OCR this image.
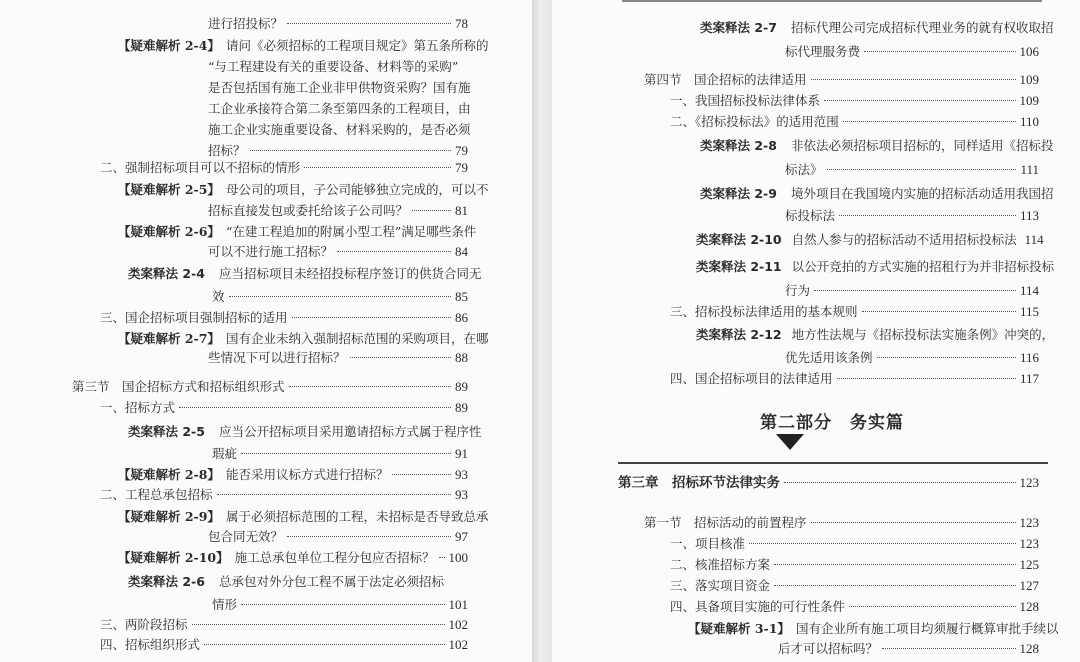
进行招投标？	78
【疑难解析 2-4】 请问《必须招标的工程项目规定》第五条所称的
“与工程建设有关的重要设备、材料等的采购”
是否包括国有施工企业非甲供物资采购？国有施
工企业承接符合第二条至第四条的工程项目，由
施工企业实施重要设备、材料采购的，是否必须
招标？	79
二、强制招标项目可以不招标的情形	79
【疑难解析 2-5】 母公司的项目，子公司能够独立完成的，可以不
招标直接发包或委托给该子公司吗？	81
【疑难解析 2-6】 “在建工程追加的附属小型工程”满足哪些条件
可以不进行施工招标？	84
类案释法 2-4 应当招标项目未经招投标程序签订的供货合同无
效	85
三、国企招标项目强制招标的适用	86
【疑难解析 2-7】 国有企业未纳入强制招标范围的采购项目，在哪
些情况下可以进行招标？	88
第三节　国企招标方式和招标组织形式	89
一、招标方式	89
类案释法 2-5 应当公开招标项目采用邀请招标方式属于程序性
瑕疵	91
【疑难解析 2-8】 能否采用议标方式进行招标？	93
二、工程总承包招标	93
【疑难解析 2-9】 属于必须招标范围的工程，未招标是否导致总承
包合同无效？	97
【疑难解析 2-10】 施工总承包单位工程分包应否招标？ 100
类案释法 2-6 总承包对外分包工程不属于法定必须招标
情形	101
三、两阶段招标	102
四、招标组织形式	102
类案释法 2-7 招标代理公司完成招标代理业务的就有权收取招
标代理服务费	106
第四节　国企招标的法律适用	109
一、我国招标投标法律体系	109
二、《招标投标法》的适用范围	110
类案释法 2-8 非依法必须招标项目招标的，同样适用《招标投
标法》	111
类案释法 2-9 境外项目在我国境内实施的招标活动适用我国招
标投标法	113
类案释法 2-10 自然人参与的招标活动不适用招标投标法 114
类案释法 2-11 以公开竞拍的方式实施的招租行为并非招标投标
行为	114
三、招标投标法律适用的基本规则	115
类案释法 2-12 地方性法规与《招标投标法实施条例》冲突的，
优先适用该条例	116
四、国企招标项目的法律适用	117
第二部分　务实篇
第三章　招标环节法律实务	123
第一节　招标活动的前置程序	123
一、项目核准	123
二、核准招标方案	125
三、落实项目资金	127
四、具备项目实施的可行性条件	128
【疑难解析 3-1】 国有企业所有施工项目均须履行概算审批手续以
后才可以招标吗？	128
